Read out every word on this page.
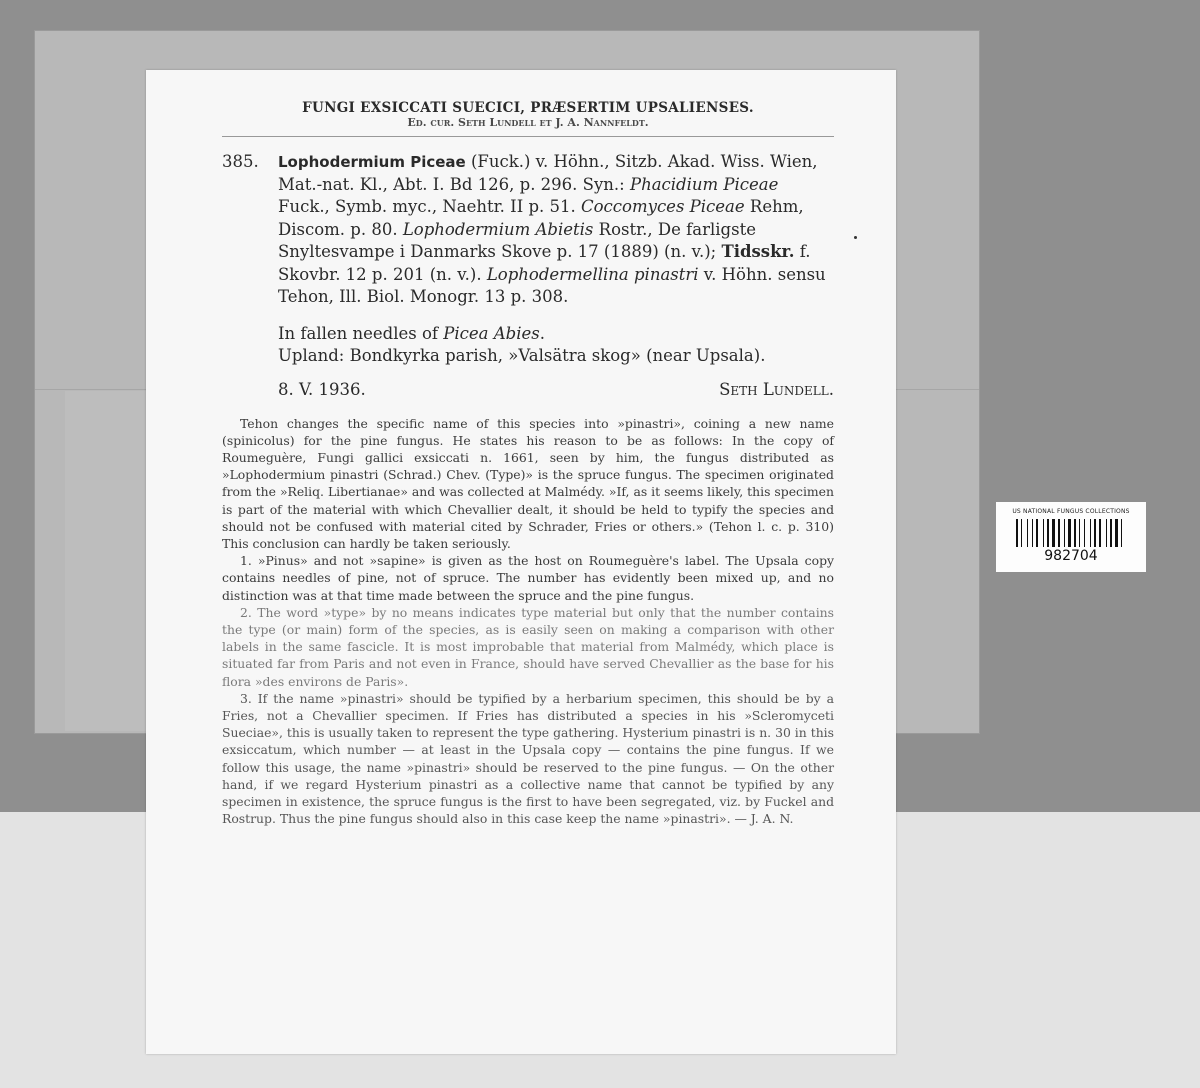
FUNGI EXSICCATI SUECICI, PRÆSERTIM UPSALIENSES.
Ed. cur. Seth Lundell et J. A. Nannfeldt.
385. Lophodermium Piceae (Fuck.) v. Höhn., Sitzb. Akad. Wiss. Wien, Mat.-nat. Kl., Abt. I. Bd 126, p. 296. Syn.: Phacidium Piceae Fuck., Symb. myc., Naehtr. II p. 51. Coccomyces Piceae Rehm, Discom. p. 80. Lophodermium Abietis Rostr., De farligste Snyltesvampe i Danmarks Skove p. 17 (1889) (n. v.); Tidsskr. f. Skovbr. 12 p. 201 (n. v.). Lophodermellina pinastri v. Höhn. sensu Tehon, Ill. Biol. Monogr. 13 p. 308.
In fallen needles of Picea Abies.
Upland: Bondkyrka parish, »Valsätra skog» (near Upsala).
8. V. 1936.	Seth Lundell.

Tehon changes the specific name of this species into »pinastri», coining a new name (spinicolus) for the pine fungus. He states his reason to be as follows: In the copy of Roumeguère, Fungi gallici exsiccati n. 1661, seen by him, the fungus distributed as »Lophodermium pinastri (Schrad.) Chev. (Type)» is the spruce fungus. The specimen originated from the »Reliq. Libertianae» and was collected at Malmédy. »If, as it seems likely, this specimen is part of the material with which Chevallier dealt, it should be held to typify the species and should not be confused with material cited by Schrader, Fries or others.» (Tehon l. c. p. 310) This conclusion can hardly be taken seriously.

1. »Pinus» and not »sapine» is given as the host on Roumeguère's label. The Upsala copy contains needles of pine, not of spruce. The number has evidently been mixed up, and no distinction was at that time made between the spruce and the pine fungus.

2. The word »type» by no means indicates type material but only that the number contains the type (or main) form of the species, as is easily seen on making a comparison with other labels in the same fascicle. It is most improbable that material from Malmédy, which place is situated far from Paris and not even in France, should have served Chevallier as the base for his flora »des environs de Paris».

3. If the name »pinastri» should be typified by a herbarium specimen, this should be by a Fries, not a Chevallier specimen. If Fries has distributed a species in his »Scleromyceti Sueciae», this is usually taken to represent the type gathering. Hysterium pinastri is n. 30 in this exsiccatum, which number — at least in the Upsala copy — contains the pine fungus. If we follow this usage, the name »pinastri» should be reserved to the pine fungus. — On the other hand, if we regard Hysterium pinastri as a collective name that cannot be typified by any specimen in existence, the spruce fungus is the first to have been segregated, viz. by Fuckel and Rostrup. Thus the pine fungus should also in this case keep the name »pinastri». — J. A. N.

US NATIONAL FUNGUS COLLECTIONS
982704
